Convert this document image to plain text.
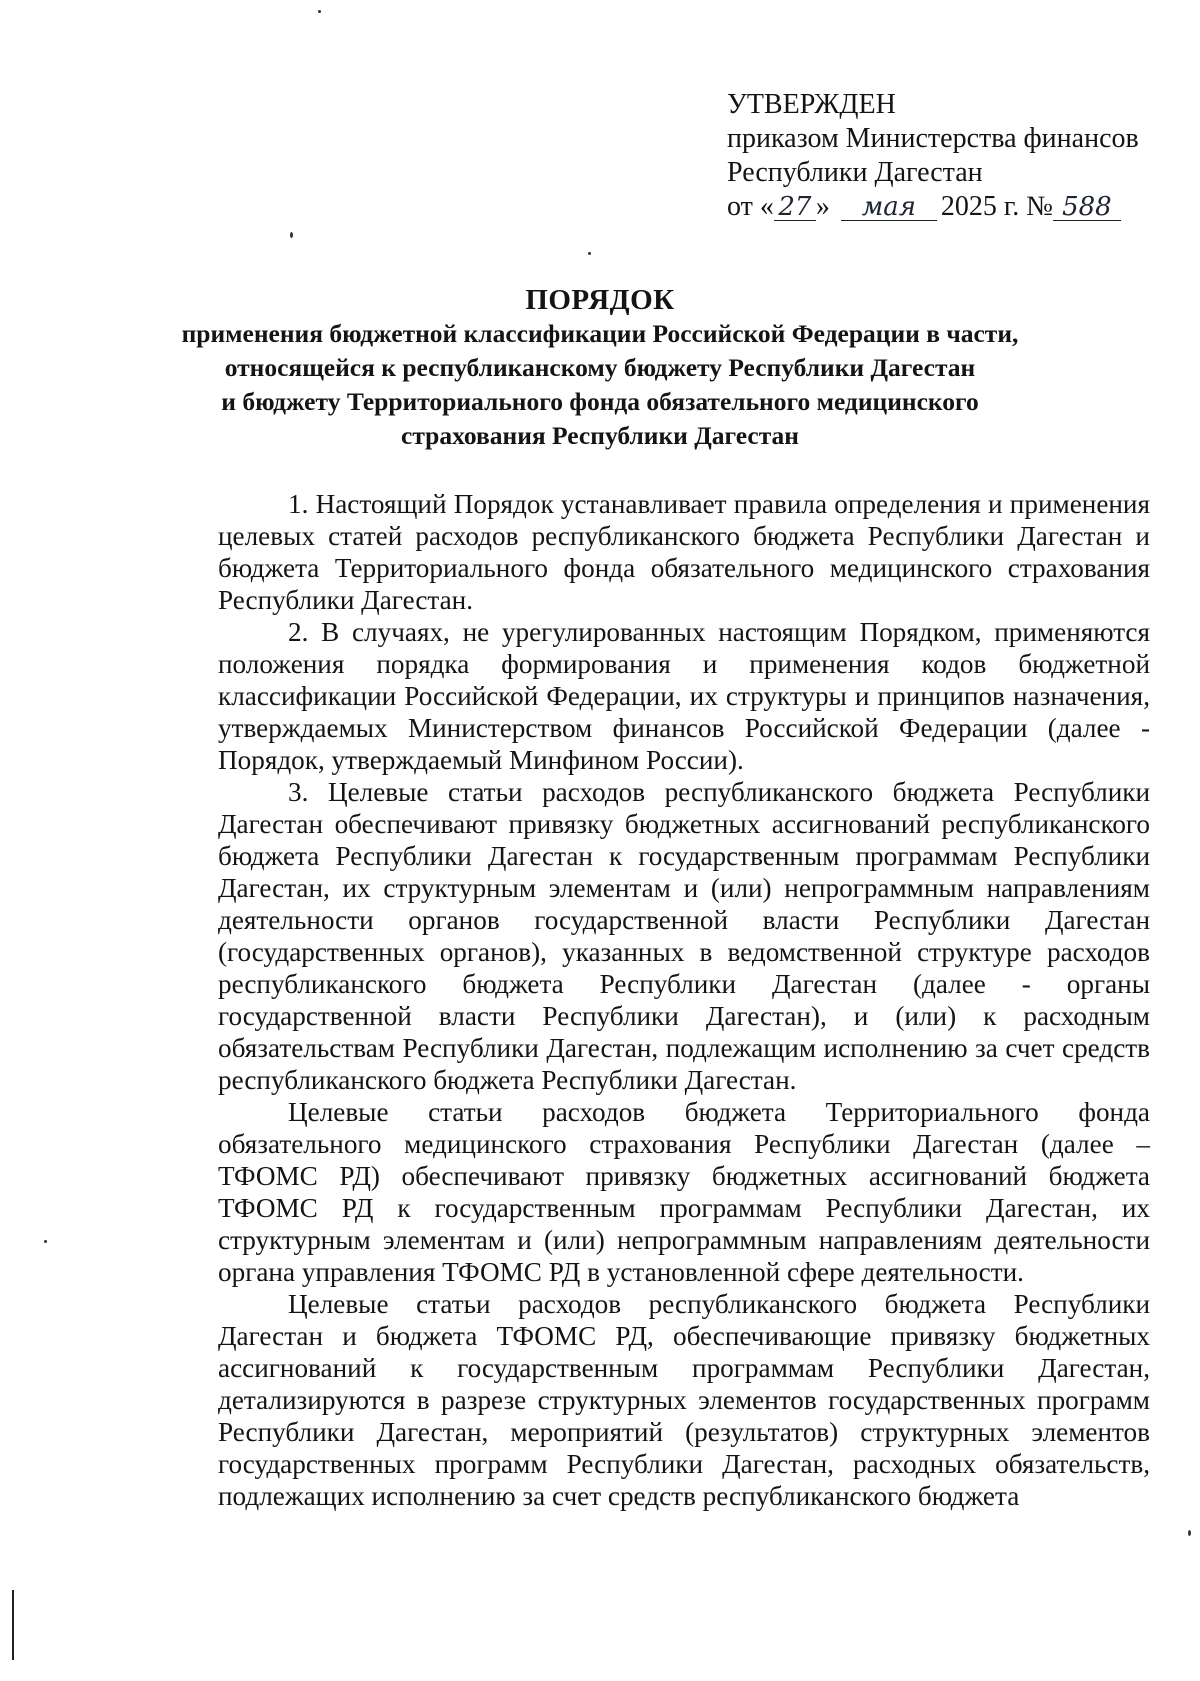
УТВЕРЖДЕН
приказом Министерства финансов
Республики Дагестан
от « 27 » мая 2025 г. № 588
ПОРЯДОК
применения бюджетной классификации Российской Федерации в части,
относящейся к республиканскому бюджету Республики Дагестан
и бюджету Территориального фонда обязательного медицинского
страхования Республики Дагестан

1. Настоящий Порядок устанавливает правила определения и применения целевых статей расходов республиканского бюджета Республики Дагестан и бюджета Территориального фонда обязательного медицинского страхования Республики Дагестан.

2. В случаях, не урегулированных настоящим Порядком, применяются положения порядка формирования и применения кодов бюджетной классификации Российской Федерации, их структуры и принципов назначения, утверждаемых Министерством финансов Российской Федерации (далее - Порядок, утверждаемый Минфином России).

3. Целевые статьи расходов республиканского бюджета Республики Дагестан обеспечивают привязку бюджетных ассигнований республиканского бюджета Республики Дагестан к государственным программам Республики Дагестан, их структурным элементам и (или) непрограммным направлениям деятельности органов государственной власти Республики Дагестан (государственных органов), указанных в ведомственной структуре расходов республиканского бюджета Республики Дагестан (далее - органы государственной власти Республики Дагестан), и (или) к расходным обязательствам Республики Дагестан, подлежащим исполнению за счет средств республиканского бюджета Республики Дагестан.

Целевые статьи расходов бюджета Территориального фонда обязательного медицинского страхования Республики Дагестан (далее – ТФОМС РД) обеспечивают привязку бюджетных ассигнований бюджета ТФОМС РД к государственным программам Республики Дагестан, их структурным элементам и (или) непрограммным направлениям деятельности органа управления ТФОМС РД в установленной сфере деятельности.

Целевые статьи расходов республиканского бюджета Республики Дагестан и бюджета ТФОМС РД, обеспечивающие привязку бюджетных ассигнований к государственным программам Республики Дагестан, детализируются в разрезе структурных элементов государственных программ Республики Дагестан, мероприятий (результатов) структурных элементов государственных программ Республики Дагестан, расходных обязательств, подлежащих исполнению за счет средств республиканского бюджета
